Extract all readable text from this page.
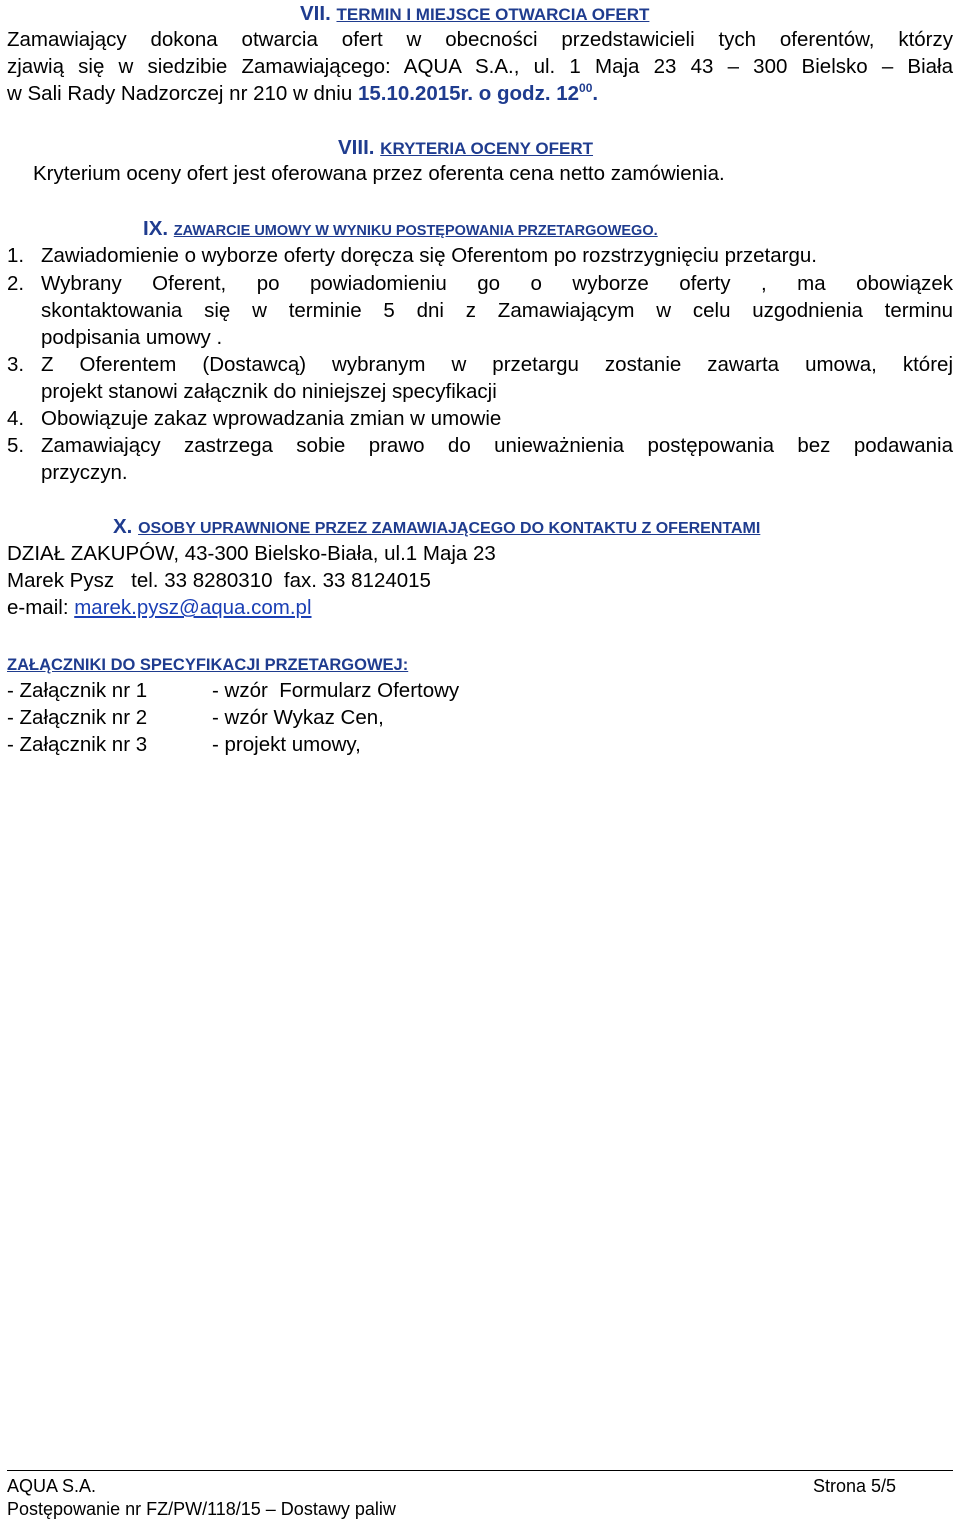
VII. TERMIN I MIEJSCE OTWARCIA OFERT
Zamawiający dokona otwarcia ofert w obecności przedstawicieli tych oferentów, którzy
zjawią się w siedzibie Zamawiającego: AQUA S.A., ul. 1 Maja 23 43 – 300 Bielsko – Biała
w Sali Rady Nadzorczej nr 210 w dniu 15.10.2015r. o godz. $12^{00}$.
VIII. KRYTERIA OCENY OFERT
Kryterium oceny ofert jest oferowana przez oferenta cena netto zamówienia.
IX. ZAWARCIE UMOWY W WYNIKU POSTĘPOWANIA PRZETARGOWEGO.
1. Zawiadomienie o wyborze oferty doręcza się Oferentom po rozstrzygnięciu przetargu.
2. Wybrany Oferent, po powiadomieniu go o wyborze oferty , ma obowiązek
skontaktowania się w terminie 5 dni z Zamawiającym w celu uzgodnienia terminu
podpisania umowy .
3. Z Oferentem (Dostawcą) wybranym w przetargu zostanie zawarta umowa, której
projekt stanowi załącznik do niniejszej specyfikacji
4. Obowiązuje zakaz wprowadzania zmian w umowie
5. Zamawiający zastrzega sobie prawo do unieważnienia postępowania bez podawania
przyczyn.
X. OSOBY UPRAWNIONE PRZEZ ZAMAWIAJĄCEGO DO KONTAKTU Z OFERENTAMI
DZIAŁ ZAKUPÓW, 43-300 Bielsko-Biała, ul.1 Maja 23
Marek Pysz   tel. 33 8280310  fax. 33 8124015
e-mail: marek.pysz@aqua.com.pl
ZAŁĄCZNIKI DO SPECYFIKACJI PRZETARGOWEJ:
- Załącznik nr 1	- wzór  Formularz Ofertowy
- Załącznik nr 2	- wzór Wykaz Cen,
- Załącznik nr 3	- projekt umowy,
AQUA S.A.	Strona 5/5
Postępowanie nr FZ/PW/118/15 – Dostawy paliw
